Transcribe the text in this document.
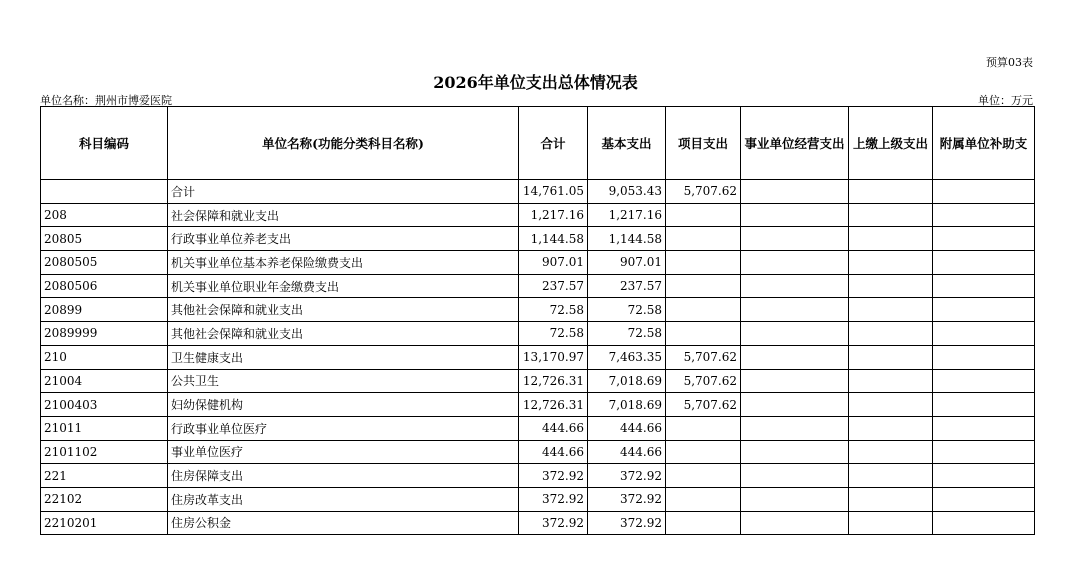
预算03表
2026年单位支出总体情况表
单位名称：荆州市博爱医院	单位：万元
科目编码	单位名称(功能分类科目名称)	合计	基本支出	项目支出	事业单位经营支出	上缴上级支出	附属单位补助支
	合计	14,761.05	9,053.43	5,707.62			
208	社会保障和就业支出	1,217.16	1,217.16				
20805	行政事业单位养老支出	1,144.58	1,144.58				
2080505	机关事业单位基本养老保险缴费支出	907.01	907.01				
2080506	机关事业单位职业年金缴费支出	237.57	237.57				
20899	其他社会保障和就业支出	72.58	72.58				
2089999	其他社会保障和就业支出	72.58	72.58				
210	卫生健康支出	13,170.97	7,463.35	5,707.62			
21004	公共卫生	12,726.31	7,018.69	5,707.62			
2100403	妇幼保健机构	12,726.31	7,018.69	5,707.62			
21011	行政事业单位医疗	444.66	444.66				
2101102	事业单位医疗	444.66	444.66				
221	住房保障支出	372.92	372.92				
22102	住房改革支出	372.92	372.92				
2210201	住房公积金	372.92	372.92				
